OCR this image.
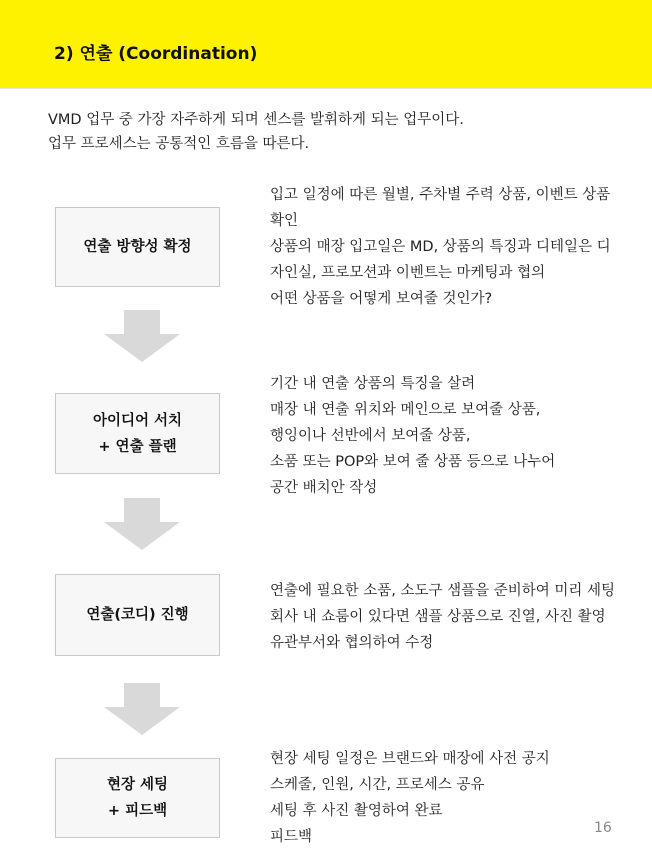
2) 연출 (Coordination)
VMD 업무 중 가장 자주하게 되며 센스를 발휘하게 되는 업무이다.
업무 프로세스는 공통적인 흐름을 따른다.
연출 방향성 확정
입고 일정에 따른 월별, 주차별 주력 상품, 이벤트 상품
확인
상품의 매장 입고일은 MD, 상품의 특징과 디테일은 디
자인실, 프로모션과 이벤트는 마케팅과 협의
어떤 상품을 어떻게 보여줄 것인가?
아이디어 서치
+ 연출 플랜
기간 내 연출 상품의 특징을 살려
매장 내 연출 위치와 메인으로 보여줄 상품,
행잉이나 선반에서 보여줄 상품,
소품 또는 POP와 보여 줄 상품 등으로 나누어
공간 배치안 작성
연출(코디) 진행
연출에 필요한 소품, 소도구 샘플을 준비하여 미리 세팅
회사 내 쇼룸이 있다면 샘플 상품으로 진열, 사진 촬영
유관부서와 협의하여 수정
현장 세팅
+ 피드백
현장 세팅 일정은 브랜드와 매장에 사전 공지
스케줄, 인원, 시간, 프로세스 공유
세팅 후 사진 촬영하여 완료
피드백
16
